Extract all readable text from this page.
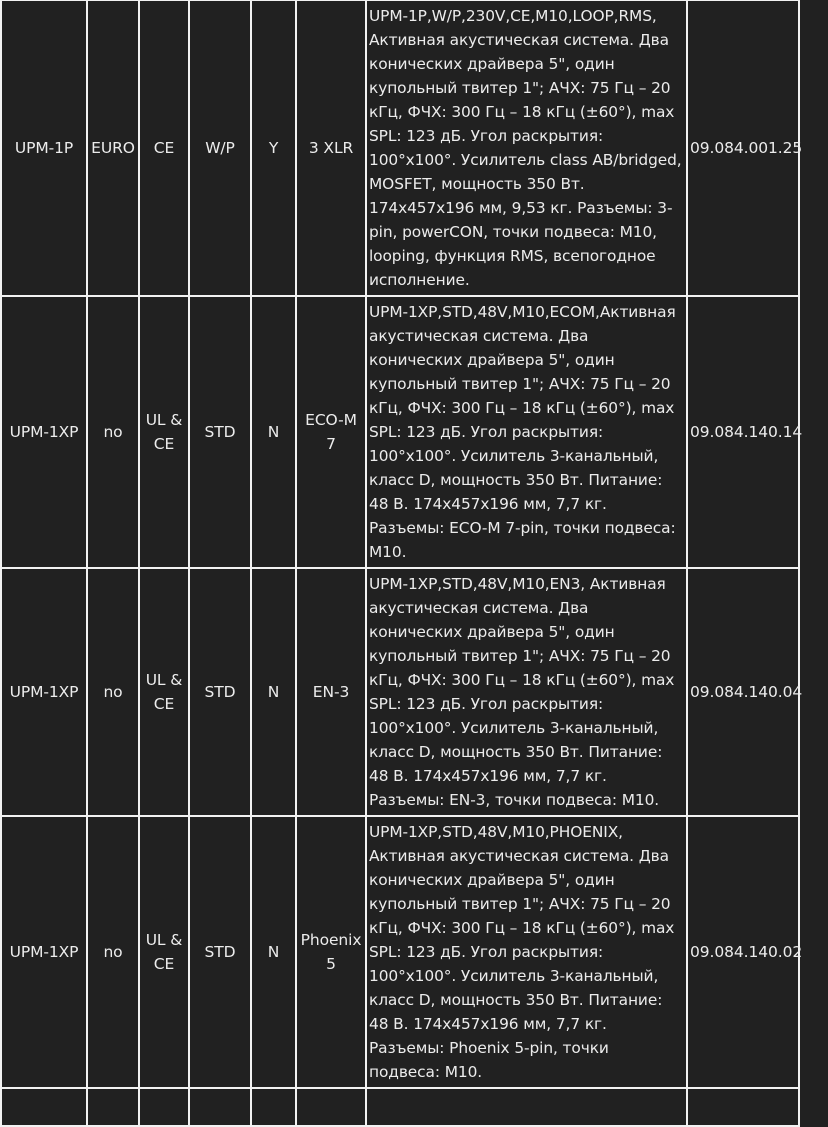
UPM-1P	EURO	CE	W/P	Y	3 XLR	UPM-1P,W/P,230V,CE,M10,LOOP,RMS, Активная акустическая система. Два конических драйвера 5", один купольный твитер 1"; АЧХ: 75 Гц – 20 кГц, ФЧХ: 300 Гц – 18 кГц (±60°), max SPL: 123 дБ. Угол раскрытия: 100°x100°. Усилитель class AB/bridged, MOSFET, мощность 350 Вт. 174x457x196 мм, 9,53 кг. Разъемы: 3-pin, powerCON, точки подвеса: M10, looping, функция RMS, всепогодное исполнение.	09.084.001.25
UPM-1XP	no	UL & CE	STD	N	ECO-M 7	UPM-1XP,STD,48V,M10,ECOM,Активная акустическая система. Два конических драйвера 5", один купольный твитер 1"; АЧХ: 75 Гц – 20 кГц, ФЧХ: 300 Гц – 18 кГц (±60°), max SPL: 123 дБ. Угол раскрытия: 100°x100°. Усилитель 3-канальный, класс D, мощность 350 Вт. Питание: 48 В. 174x457x196 мм, 7,7 кг. Разъемы: ECO-M 7-pin, точки подвеса: M10.	09.084.140.14
UPM-1XP	no	UL & CE	STD	N	EN-3	UPM-1XP,STD,48V,M10,EN3, Активная акустическая система. Два конических драйвера 5", один купольный твитер 1"; АЧХ: 75 Гц – 20 кГц, ФЧХ: 300 Гц – 18 кГц (±60°), max SPL: 123 дБ. Угол раскрытия: 100°x100°. Усилитель 3-канальный, класс D, мощность 350 Вт. Питание: 48 В. 174x457x196 мм, 7,7 кг. Разъемы: EN-3, точки подвеса: M10.	09.084.140.04
UPM-1XP	no	UL & CE	STD	N	Phoenix 5	UPM-1XP,STD,48V,M10,PHOENIX, Активная акустическая система. Два конических драйвера 5", один купольный твитер 1"; АЧХ: 75 Гц – 20 кГц, ФЧХ: 300 Гц – 18 кГц (±60°), max SPL: 123 дБ. Угол раскрытия: 100°x100°. Усилитель 3-канальный, класс D, мощность 350 Вт. Питание: 48 В. 174x457x196 мм, 7,7 кг. Разъемы: Phoenix 5-pin, точки подвеса: M10.	09.084.140.02
